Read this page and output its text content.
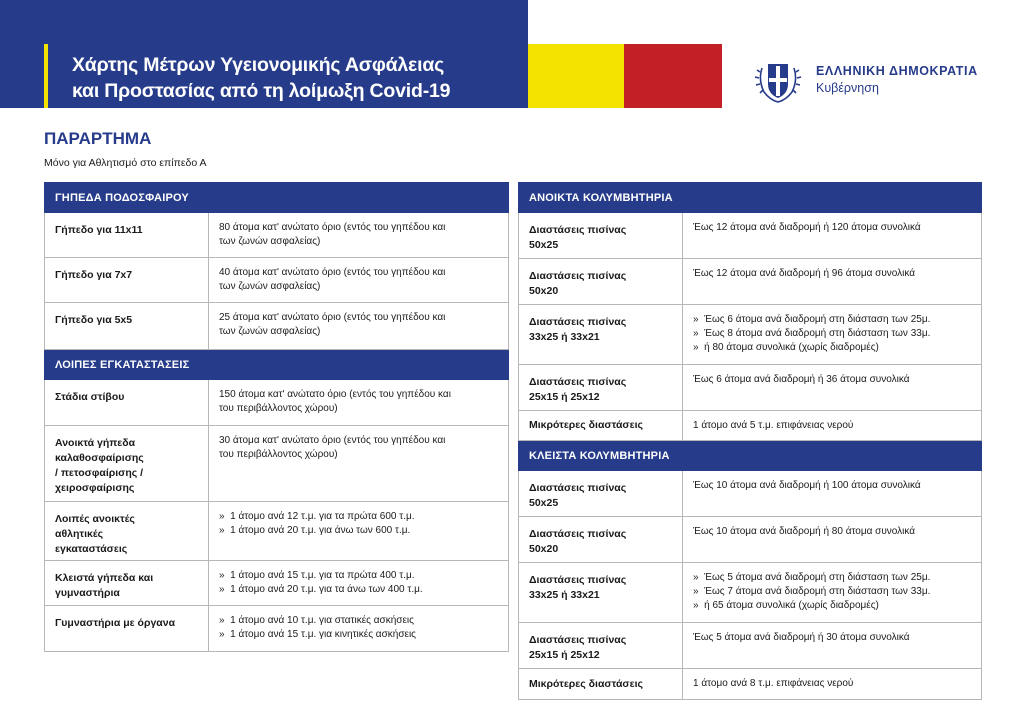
Χάρτης Μέτρων Υγειονομικής Ασφάλειας
και Προστασίας από τη λοίμωξη Covid-19
ΕΛΛΗΝΙΚΗ ΔΗΜΟΚΡΑΤΙΑ
Κυβέρνηση
ΠΑΡΑΡΤΗΜΑ
Μόνο για Αθλητισμό στο επίπεδο Α
ΓΗΠΕΔΑ ΠΟΔΟΣΦΑΙΡΟΥ	
Γήπεδο για 11x11	80 άτομα κατ' ανώτατο όριο (εντός του γηπέδου και
των ζωνών ασφαλείας)

Γήπεδο για 7x7	40 άτομα κατ' ανώτατο όριο (εντός του γηπέδου και
των ζωνών ασφαλείας)

Γήπεδο για 5x5	25 άτομα κατ' ανώτατο όριο (εντός του γηπέδου και
των ζωνών ασφαλείας)

ΛΟΙΠΕΣ ΕΓΚΑΤΑΣΤΑΣΕΙΣ	

Στάδια στίβου	150 άτομα κατ' ανώτατο όριο (εντός του γηπέδου και
του περιβάλλοντος χώρου)

Ανοικτά γήπεδα
καλαθοσφαίρισης
/ πετοσφαίρισης /
χειροσφαίρισης	30 άτομα κατ' ανώτατο όριο (εντός του γηπέδου και
του περιβάλλοντος χώρου)

Λοιπές ανοικτές
αθλητικές
εγκαταστάσεις	»  1 άτομο ανά 12 τ.μ. για τα πρώτα 600 τ.μ.
»  1 άτομο ανά 20 τ.μ. για άνω των 600 τ.μ.

Κλειστά γήπεδα και
γυμναστήρια	»  1 άτομο ανά 15 τ.μ. για τα πρώτα 400 τ.μ.
»  1 άτομο ανά 20 τ.μ. για τα άνω των 400 τ.μ.

Γυμναστήρια με όργανα	»  1 άτομο ανά 10 τ.μ. για στατικές ασκήσεις
»  1 άτομο ανά 15 τ.μ. για κινητικές ασκήσεις
ΑΝΟΙΚΤΑ ΚΟΛΥΜΒΗΤΗΡΙΑ	

Διαστάσεις πισίνας
50x25	Έως 12 άτομα ανά διαδρομή ή 120 άτομα συνολικά

Διαστάσεις πισίνας
50x20	Έως 12 άτομα ανά διαδρομή ή 96 άτομα συνολικά

Διαστάσεις πισίνας
33x25 ή 33x21	»  Έως 6 άτομα ανά διαδρομή στη διάσταση των 25μ.
»  Έως 8 άτομα ανά διαδρομή στη διάσταση των 33μ.
»  ή 80 άτομα συνολικά (χωρίς διαδρομές)

Διαστάσεις πισίνας
25x15 ή 25x12	Έως 6 άτομα ανά διαδρομή ή 36 άτομα συνολικά
Μικρότερες διαστάσεις	1 άτομο ανά 5 τ.μ. επιφάνειας νερού
ΚΛΕΙΣΤΑ ΚΟΛΥΜΒΗΤΗΡΙΑ	

Διαστάσεις πισίνας
50x25	Έως 10 άτομα ανά διαδρομή ή 100 άτομα συνολικά

Διαστάσεις πισίνας
50x20	Έως 10 άτομα ανά διαδρομή ή 80 άτομα συνολικά

Διαστάσεις πισίνας
33x25 ή 33x21	»  Έως 5 άτομα ανά διαδρομή στη διάσταση των 25μ.
»  Έως 7 άτομα ανά διαδρομή στη διάσταση των 33μ.
»  ή 65 άτομα συνολικά (χωρίς διαδρομές)

Διαστάσεις πισίνας
25x15 ή 25x12	Έως 5 άτομα ανά διαδρομή ή 30 άτομα συνολικά
Μικρότερες διαστάσεις	1 άτομο ανά 8 τ.μ. επιφάνειας νερού
